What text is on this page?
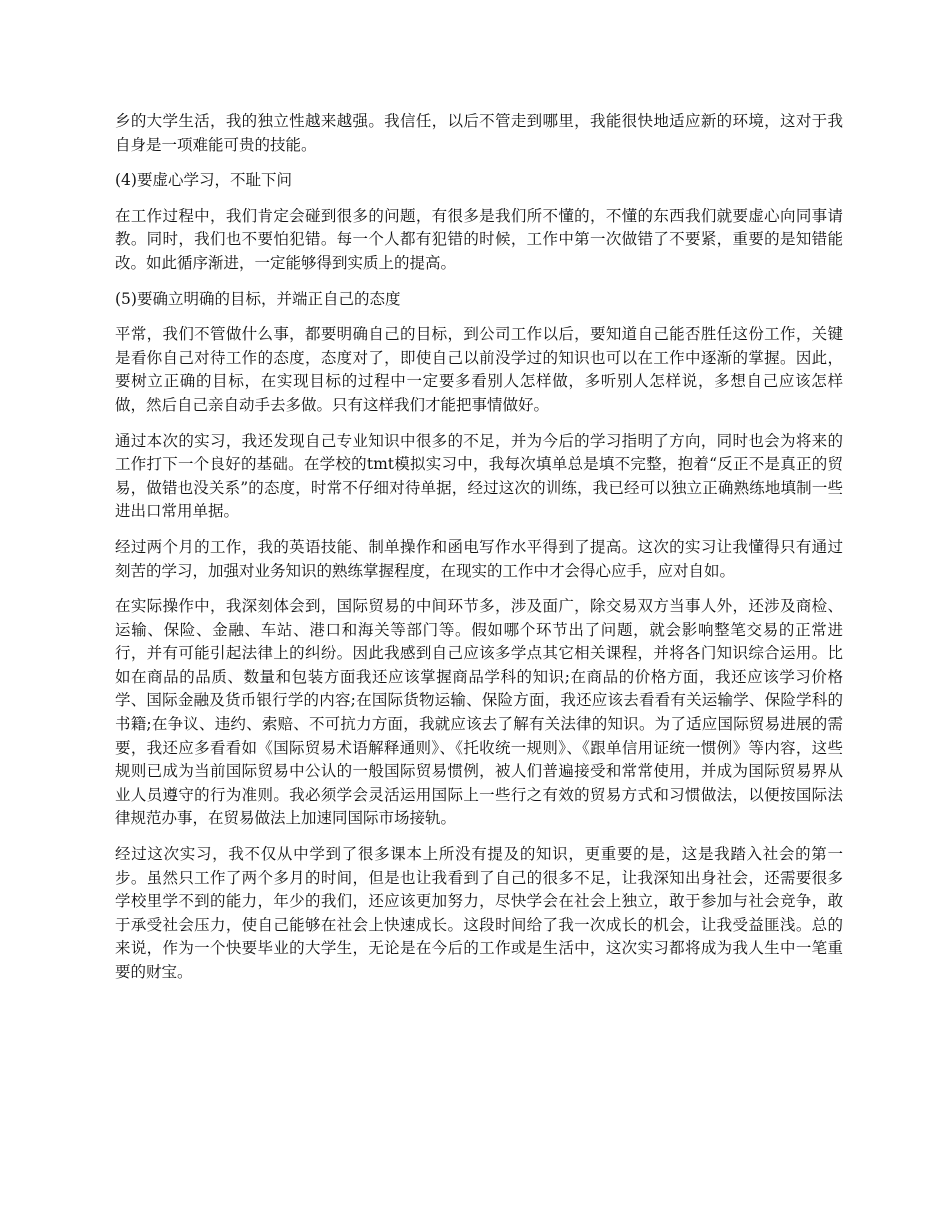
乡的大学生活，我的独立性越来越强。我信任，以后不管走到哪里，我能很快地适应新的环境，这对于我自身是一项难能可贵的技能。

(4)要虚心学习，不耻下问

在工作过程中，我们肯定会碰到很多的问题，有很多是我们所不懂的，不懂的东西我们就要虚心向同事请教。同时，我们也不要怕犯错。每一个人都有犯错的时候，工作中第一次做错了不要紧，重要的是知错能改。如此循序渐进，一定能够得到实质上的提高。

(5)要确立明确的目标，并端正自己的态度

平常，我们不管做什么事，都要明确自己的目标，到公司工作以后，要知道自己能否胜任这份工作，关键是看你自己对待工作的态度，态度对了，即使自己以前没学过的知识也可以在工作中逐渐的掌握。因此，要树立正确的目标，在实现目标的过程中一定要多看别人怎样做，多听别人怎样说，多想自己应该怎样做，然后自己亲自动手去多做。只有这样我们才能把事情做好。

通过本次的实习，我还发现自己专业知识中很多的不足，并为今后的学习指明了方向，同时也会为将来的工作打下一个良好的基础。在学校的tmt模拟实习中，我每次填单总是填不完整，抱着“反正不是真正的贸易，做错也没关系”的态度，时常不仔细对待单据，经过这次的训练，我已经可以独立正确熟练地填制一些进出口常用单据。

经过两个月的工作，我的英语技能、制单操作和函电写作水平得到了提高。这次的实习让我懂得只有通过刻苦的学习，加强对业务知识的熟练掌握程度，在现实的工作中才会得心应手，应对自如。

在实际操作中，我深刻体会到，国际贸易的中间环节多，涉及面广，除交易双方当事人外，还涉及商检、运输、保险、金融、车站、港口和海关等部门等。假如哪个环节出了问题，就会影响整笔交易的正常进行，并有可能引起法律上的纠纷。因此我感到自己应该多学点其它相关课程，并将各门知识综合运用。比如在商品的品质、数量和包装方面我还应该掌握商品学科的知识;在商品的价格方面，我还应该学习价格学、国际金融及货币银行学的内容;在国际货物运输、保险方面，我还应该去看看有关运输学、保险学科的书籍;在争议、违约、索赔、不可抗力方面，我就应该去了解有关法律的知识。为了适应国际贸易进展的需要，我还应多看看如《国际贸易术语解释通则》、《托收统一规则》、《跟单信用证统一惯例》等内容，这些规则已成为当前国际贸易中公认的一般国际贸易惯例，被人们普遍接受和常常使用，并成为国际贸易界从业人员遵守的行为准则。我必须学会灵活运用国际上一些行之有效的贸易方式和习惯做法，以便按国际法律规范办事，在贸易做法上加速同国际市场接轨。

经过这次实习，我不仅从中学到了很多课本上所没有提及的知识，更重要的是，这是我踏入社会的第一步。虽然只工作了两个多月的时间，但是也让我看到了自己的很多不足，让我深知出身社会，还需要很多学校里学不到的能力，年少的我们，还应该更加努力，尽快学会在社会上独立，敢于参加与社会竞争，敢于承受社会压力，使自己能够在社会上快速成长。这段时间给了我一次成长的机会，让我受益匪浅。总的来说，作为一个快要毕业的大学生，无论是在今后的工作或是生活中，这次实习都将成为我人生中一笔重要的财宝。
